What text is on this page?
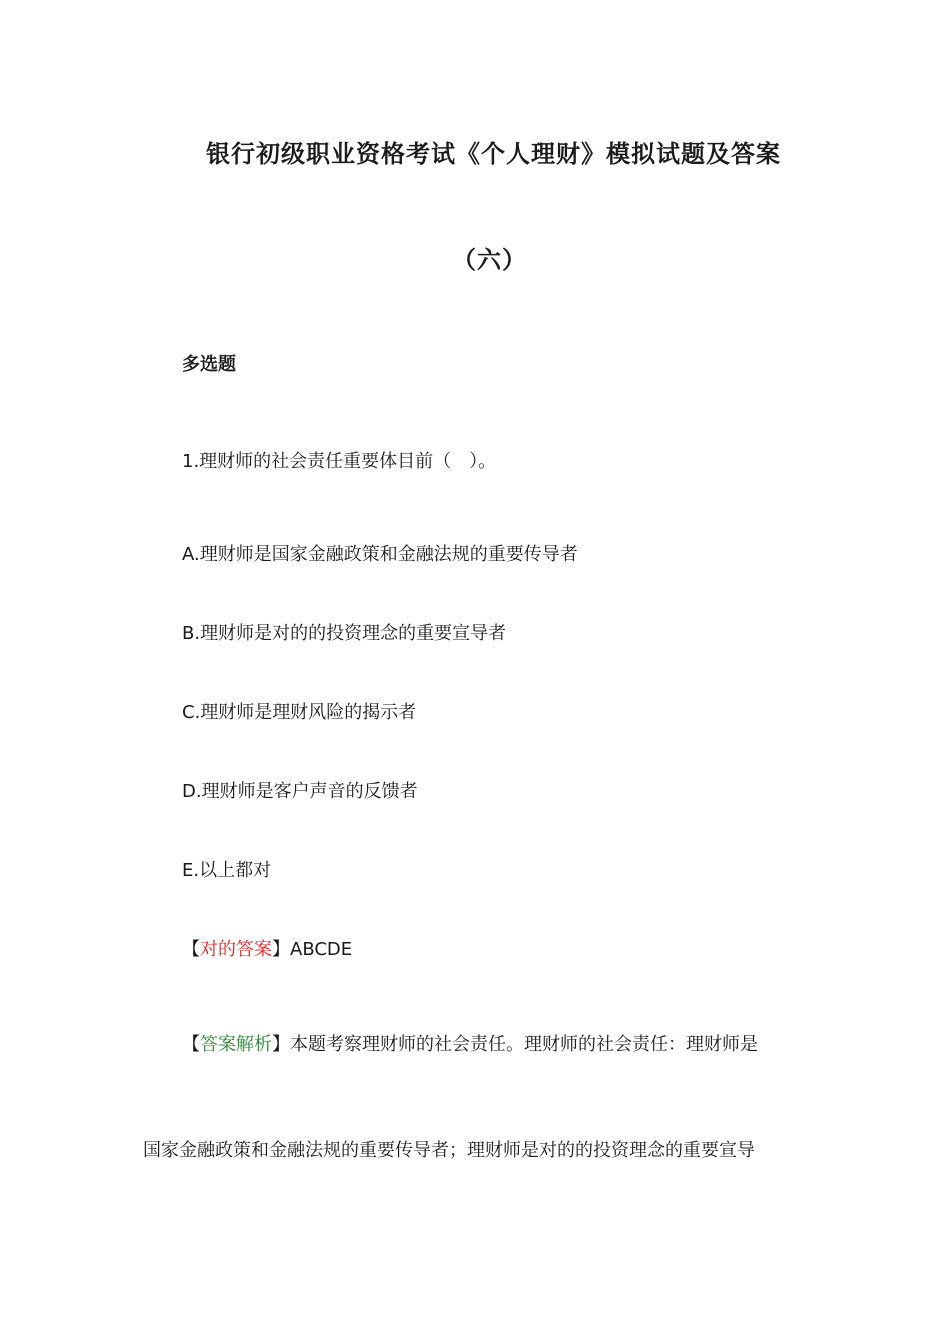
银行初级职业资格考试《个人理财》模拟试题及答案
（六）
多选题
1.理财师的社会责任重要体目前（　）。
A.理财师是国家金融政策和金融法规的重要传导者
B.理财师是对的的投资理念的重要宣导者
C.理财师是理财风险的揭示者
D.理财师是客户声音的反馈者
E.以上都对
【对的答案】ABCDE
【答案解析】本题考察理财师的社会责任。理财师的社会责任：理财师是
国家金融政策和金融法规的重要传导者；理财师是对的的投资理念的重要宣导
